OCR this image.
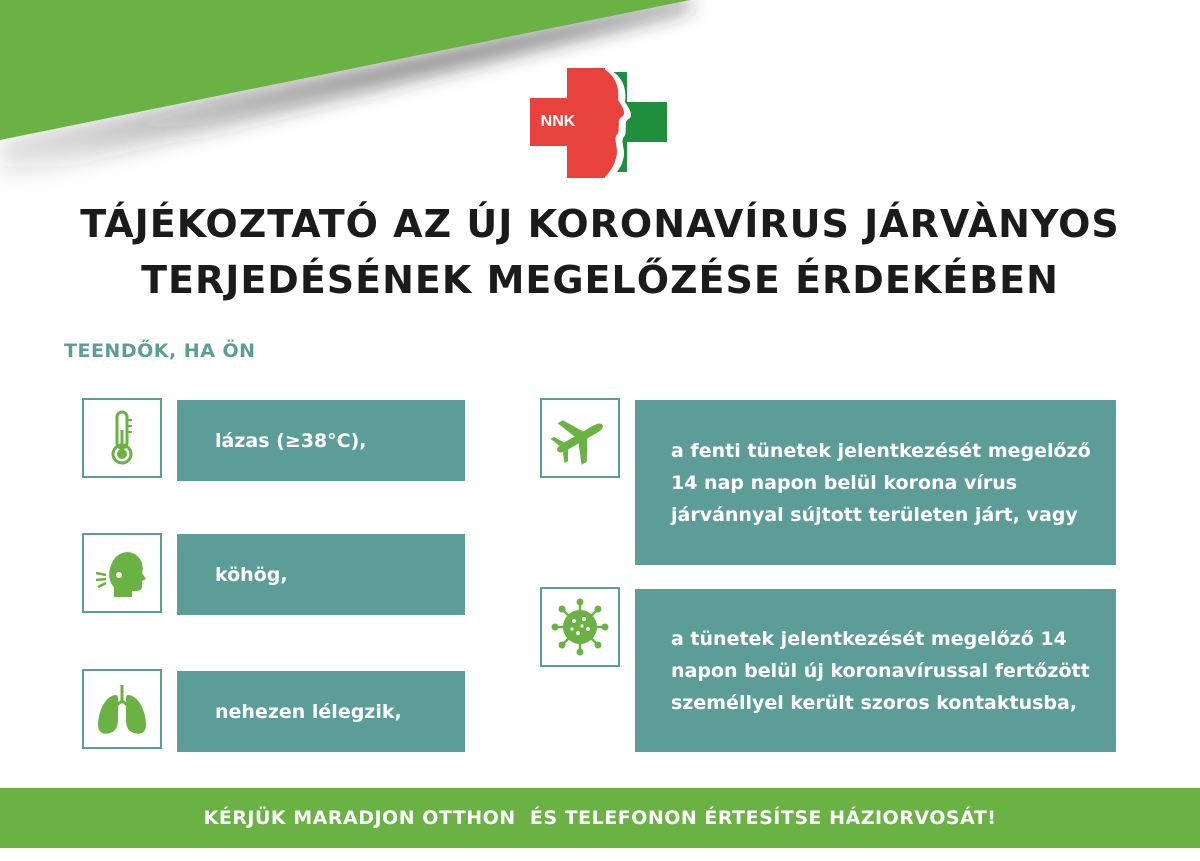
NNK
TÁJÉKOZTATÓ AZ ÚJ KORONAVÍRUS JÁRVÀNYOS
TERJEDÉSÉNEK MEGELŐZÉSE ÉRDEKÉBEN
TEENDŐK, HA ÖN
lázas (≥38°C),
köhög,
nehezen lélegzik,
a fenti tünetek jelentkezését megelőző 14 nap napon belül korona vírus járvánnyal sújtott területen járt, vagy
a tünetek jelentkezését megelőző 14 napon belül új koronavírussal fertőzött személlyel került szoros kontaktusba,
KÉRJÜK MARADJON OTTHON  ÉS TELEFONON ÉRTESÍTSE HÁZIORVOSÁT!
